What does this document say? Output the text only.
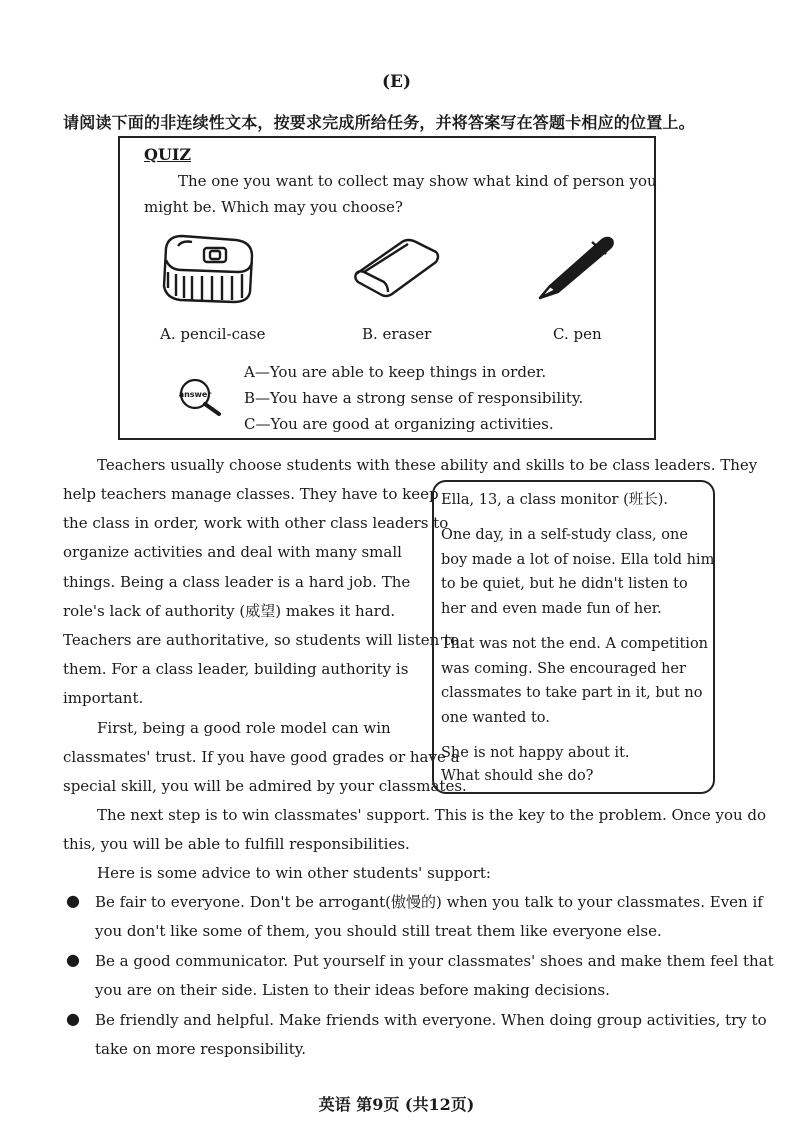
(E)
请阅读下面的非连续性文本，按要求完成所给任务，并将答案写在答题卡相应的位置上。
QUIZ
The one you want to collect may show what kind of person you
might be. Which may you choose?
A. pencil-case	B. eraser	C. pen
answer
A—You are able to keep things in order.
B—You have a strong sense of responsibility.
C—You are good at organizing activities.
Teachers usually choose students with these ability and skills to be class leaders. They
help teachers manage classes. They have to keep
the class in order, work with other class leaders to
organize activities and deal with many small
things. Being a class leader is a hard job. The
role's lack of authority (威望) makes it hard.
Teachers are authoritative, so students will listen to
them. For a class leader, building authority is
important.
First, being a good role model can win
classmates' trust. If you have good grades or have a
special skill, you will be admired by your classmates.
Ella, 13, a class monitor (班长).
One day, in a self-study class, one
boy made a lot of noise. Ella told him
to be quiet, but he didn't listen to
her and even made fun of her.
That was not the end. A competition
was coming. She encouraged her
classmates to take part in it, but no
one wanted to.
She is not happy about it.
What should she do?
The next step is to win classmates' support. This is the key to the problem. Once you do
this, you will be able to fulfill responsibilities.
Here is some advice to win other students' support:
● Be fair to everyone. Don't be arrogant(傲慢的) when you talk to your classmates. Even if
you don't like some of them, you should still treat them like everyone else.
● Be a good communicator. Put yourself in your classmates' shoes and make them feel that
you are on their side. Listen to their ideas before making decisions.
● Be friendly and helpful. Make friends with everyone. When doing group activities, try to
take on more responsibility.
英语 第9页 (共12页)
